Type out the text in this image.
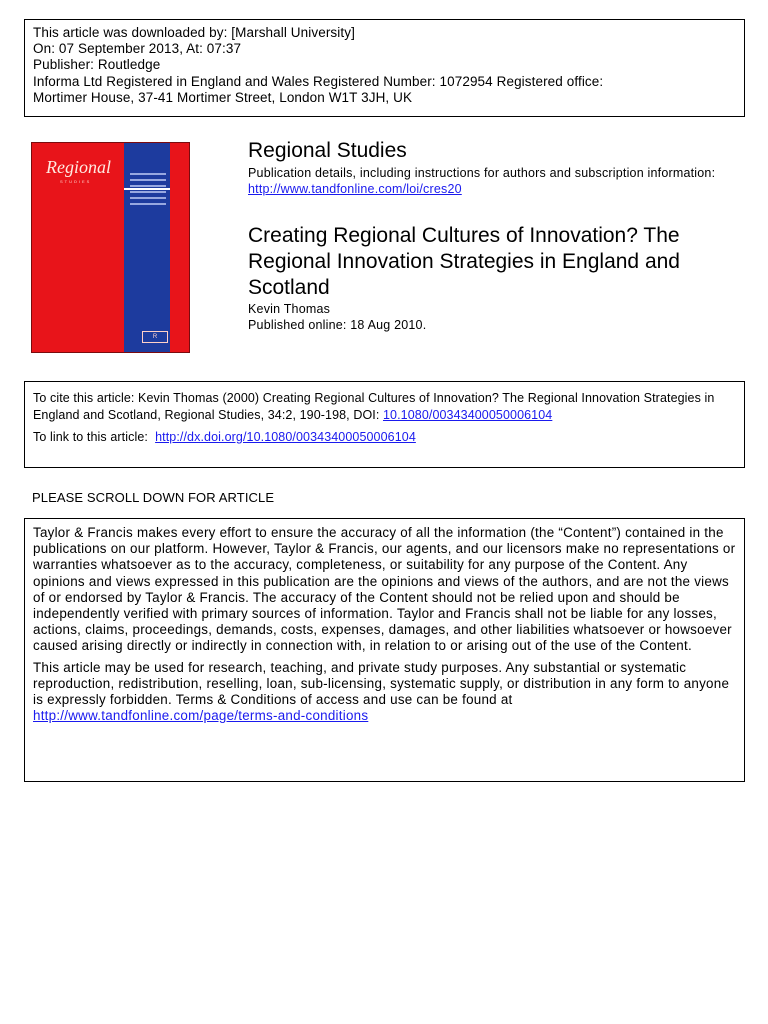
This article was downloaded by: [Marshall University]
On: 07 September 2013, At: 07:37
Publisher: Routledge
Informa Ltd Registered in England and Wales Registered Number: 1072954 Registered office:
Mortimer House, 37-41 Mortimer Street, London W1T 3JH, UK
Regional
STUDIES
R
Regional Studies
Publication details, including instructions for authors and subscription information:
http://www.tandfonline.com/loi/cres20
Creating Regional Cultures of Innovation? The Regional Innovation Strategies in England and Scotland
Kevin Thomas
Published online: 18 Aug 2010.
To cite this article: Kevin Thomas (2000) Creating Regional Cultures of Innovation? The Regional Innovation Strategies in England and Scotland, Regional Studies, 34:2, 190-198, DOI: 10.1080/00343400050006104
To link to this article:  http://dx.doi.org/10.1080/00343400050006104
PLEASE SCROLL DOWN FOR ARTICLE

Taylor & Francis makes every effort to ensure the accuracy of all the information (the “Content”) contained in the publications on our platform. However, Taylor & Francis, our agents, and our licensors make no representations or warranties whatsoever as to the accuracy, completeness, or suitability for any purpose of the Content. Any opinions and views expressed in this publication are the opinions and views of the authors, and are not the views of or endorsed by Taylor & Francis. The accuracy of the Content should not be relied upon and should be independently verified with primary sources of information. Taylor and Francis shall not be liable for any losses, actions, claims, proceedings, demands, costs, expenses, damages, and other liabilities whatsoever or howsoever caused arising directly or indirectly in connection with, in relation to or arising out of the use of the Content.

This article may be used for research, teaching, and private study purposes. Any substantial or systematic reproduction, redistribution, reselling, loan, sub-licensing, systematic supply, or distribution in any form to anyone is expressly forbidden. Terms & Conditions of access and use can be found at http://www.tandfonline.com/page/terms-and-conditions
